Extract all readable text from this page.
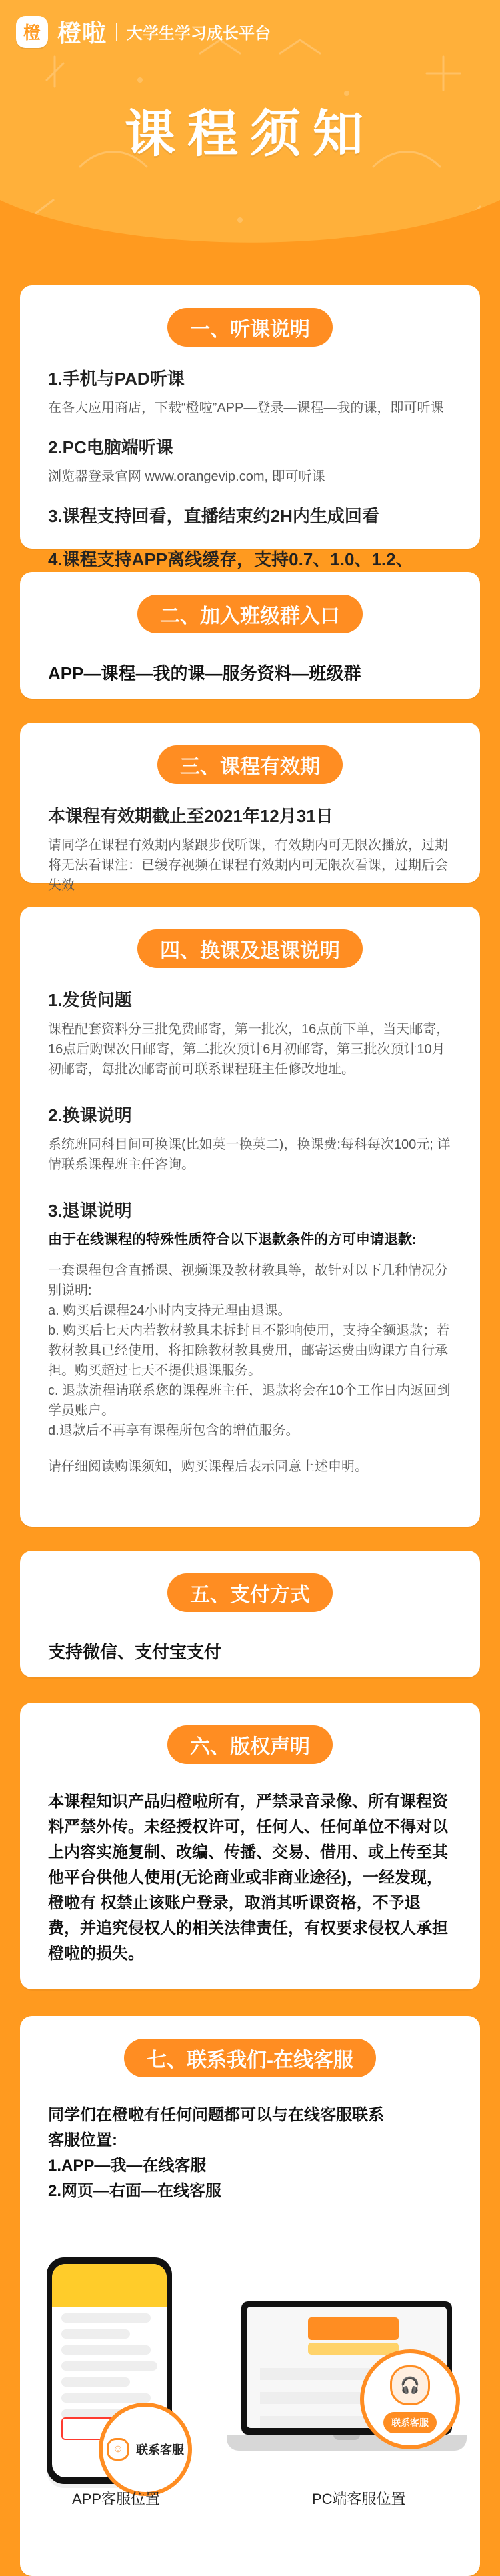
橙 橙啦 大学生学习成长平台
课程须知
一、听课说明
1.手机与PAD听课
在各大应用商店，下载“橙啦”APP—登录—课程—我的课，即可听课
2.PC电脑端听课
浏览器登录官网 www.orangevip.com, 即可听课
3.课程支持回看，直播结束约2H内生成回看
4.课程支持APP离线缓存，支持0.7、1.0、1.2、
二、加入班级群入口
APP—课程—我的课—服务资料—班级群
三、课程有效期
本课程有效期截止至2021年12月31日
请同学在课程有效期内紧跟步伐听课，有效期内可无限次播放，过期将无法看课注：已缓存视频在课程有效期内可无限次看课，过期后会失效
四、换课及退课说明
1.发货问题
课程配套资料分三批免费邮寄，第一批次，16点前下单，当天邮寄，16点后购课次日邮寄，第二批次预计6月初邮寄，第三批次预计10月初邮寄，每批次邮寄前可联系课程班主任修改地址。
2.换课说明
系统班同科目间可换课(比如英一换英二)，换课费:每科每次100元; 详情联系课程班主任咨询。
3.退课说明
由于在线课程的特殊性质符合以下退款条件的方可申请退款:
一套课程包含直播课、视频课及教材教具等，故针对以下几种情况分别说明:
a. 购买后课程24小时内支持无理由退课。
b. 购买后七天内若教材教具未拆封且不影响使用，支持全额退款；若教材教具已经使用，将扣除教材教具费用，邮寄运费由购课方自行承担。购买超过七天不提供退课服务。
c. 退款流程请联系您的课程班主任，退款将会在10个工作日内返回到学员账户。
d.退款后不再享有课程所包含的增值服务。
请仔细阅读购课须知，购买课程后表示同意上述申明。
五、支付方式
支持微信、支付宝支付
六、版权声明
本课程知识产品归橙啦所有，严禁录音录像、所有课程资料严禁外传。未经授权许可，任何人、任何单位不得对以上内容实施复制、改编、传播、交易、借用、或上传至其他平台供他人使用(无论商业或非商业途径)，一经发现，橙啦有 权禁止该账户登录，取消其听课资格，不予退费，并追究侵权人的相关法律责任，有权要求侵权人承担橙啦的损失。
七、联系我们-在线客服
同学们在橙啦有任何问题都可以与在线客服联系
客服位置:
1.APP—我—在线客服
2.网页—右面—在线客服
☺	联系客服
🎧
联系客服
APP客服位置	PC端客服位置
